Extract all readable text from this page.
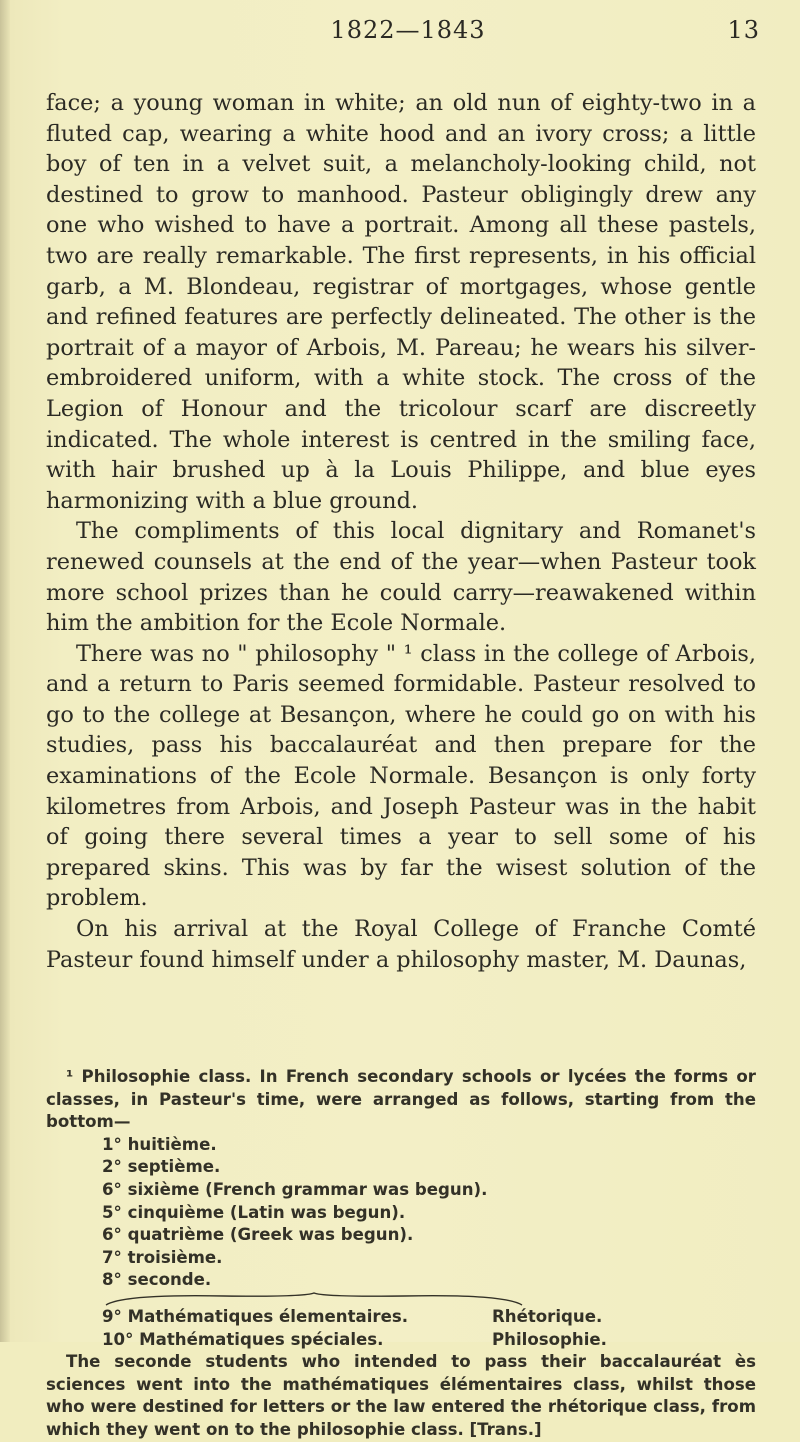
1822—1843	13

face; a young woman in white; an old nun of eighty-two in a fluted cap, wearing a white hood and an ivory cross; a little boy of ten in a velvet suit, a melancholy-looking child, not destined to grow to manhood. Pasteur obligingly drew any one who wished to have a portrait. Among all these pastels, two are really remarkable. The first represents, in his official garb, a M. Blondeau, registrar of mortgages, whose gentle and refined features are perfectly delineated. The other is the portrait of a mayor of Arbois, M. Pareau; he wears his silver-embroidered uniform, with a white stock. The cross of the Legion of Honour and the tricolour scarf are discreetly indicated. The whole interest is centred in the smiling face, with hair brushed up à la Louis Philippe, and blue eyes harmonizing with a blue ground.

The compliments of this local dignitary and Romanet's renewed counsels at the end of the year—when Pasteur took more school prizes than he could carry—reawakened within him the ambition for the Ecole Normale.

There was no " philosophy " ¹ class in the college of Arbois, and a return to Paris seemed formidable. Pasteur resolved to go to the college at Besançon, where he could go on with his studies, pass his baccalauréat and then prepare for the examinations of the Ecole Normale. Besançon is only forty kilometres from Arbois, and Joseph Pasteur was in the habit of going there several times a year to sell some of his prepared skins. This was by far the wisest solution of the problem.

On his arrival at the Royal College of Franche Comté Pasteur found himself under a philosophy master, M. Daunas,

¹ Philosophie class. In French secondary schools or lycées the forms or classes, in Pasteur's time, were arranged as follows, starting from the bottom—

1° huitième.
2° septième.
6° sixième (French grammar was begun).
5° cinquième (Latin was begun).
6° quatrième (Greek was begun).
7° troisième.
8° seconde.
9° Mathématiques élementaires.	Rhétorique.
10° Mathématiques spéciales.	Philosophie.

The seconde students who intended to pass their baccalauréat ès sciences went into the mathématiques élémentaires class, whilst those who were destined for letters or the law entered the rhétorique class, from which they went on to the philosophie class. [Trans.]
